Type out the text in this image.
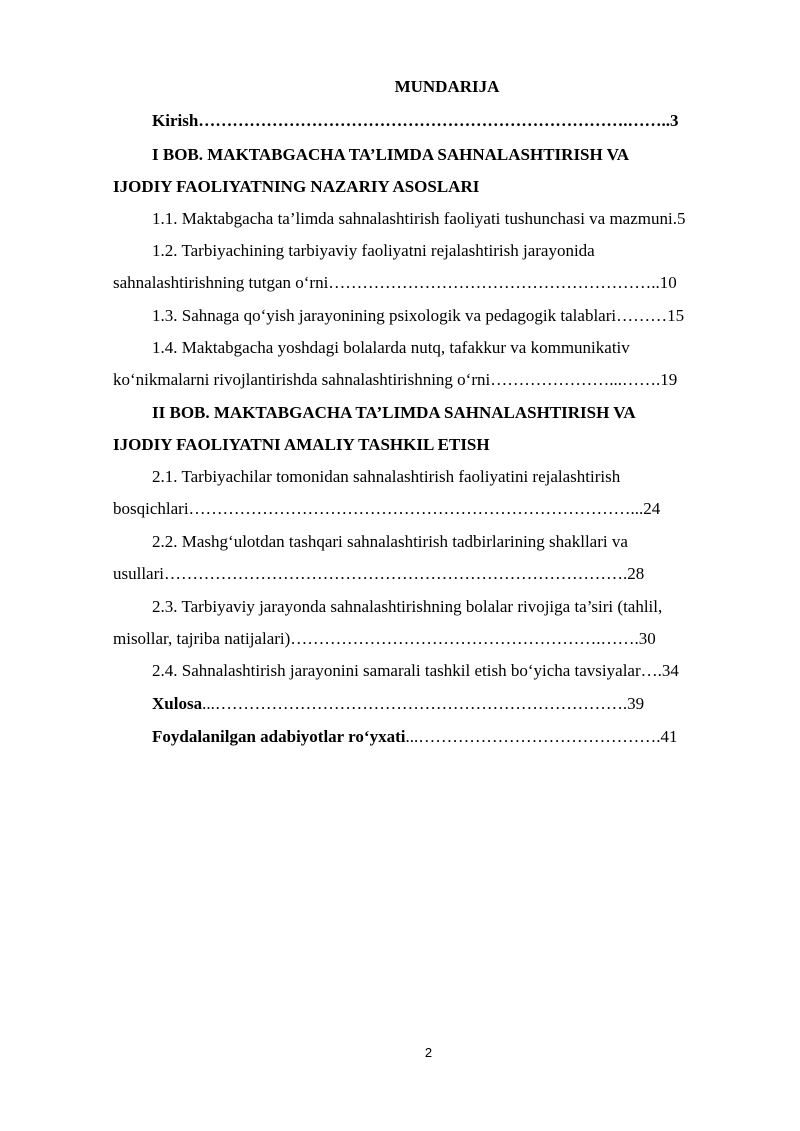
MUNDARIJA
Kirish………………………………………………………………….……..3
I BOB. MAKTABGACHA TA’LIMDA SAHNALASHTIRISH VA
IJODIY FAOLIYATNING NAZARIY ASOSLARI
1.1. Maktabgacha ta’limda sahnalashtirish faoliyati tushunchasi va mazmuni.5
1.2. Tarbiyachining tarbiyaviy faoliyatni rejalashtirish jarayonida
sahnalashtirishning tutgan o‘rni…………………………………………………..10
1.3. Sahnaga qo‘yish jarayonining psixologik va pedagogik talablari………15
1.4. Maktabgacha yoshdagi bolalarda nutq, tafakkur va kommunikativ
ko‘nikmalarni rivojlantirishda sahnalashtirishning o‘rni…………………...…….19
II BOB. MAKTABGACHA TA’LIMDA SAHNALASHTIRISH VA
IJODIY FAOLIYATNI AMALIY TASHKIL ETISH
2.1. Tarbiyachilar tomonidan sahnalashtirish faoliyatini rejalashtirish
bosqichlari……………………………………………………………………...24
2.2. Mashg‘ulotdan tashqari sahnalashtirish tadbirlarining shakllari va
usullari……………………………………………………………………….28
2.3. Tarbiyaviy jarayonda sahnalashtirishning bolalar rivojiga ta’siri (tahlil,
misollar, tajriba natijalari)……………………………………………….…….30
2.4. Sahnalashtirish jarayonini samarali tashkil etish bo‘yicha tavsiyalar….34
Xulosa...……………………………………………………………….39
Foydalanilgan adabiyotlar ro‘yxati...…………………………………….41
2
